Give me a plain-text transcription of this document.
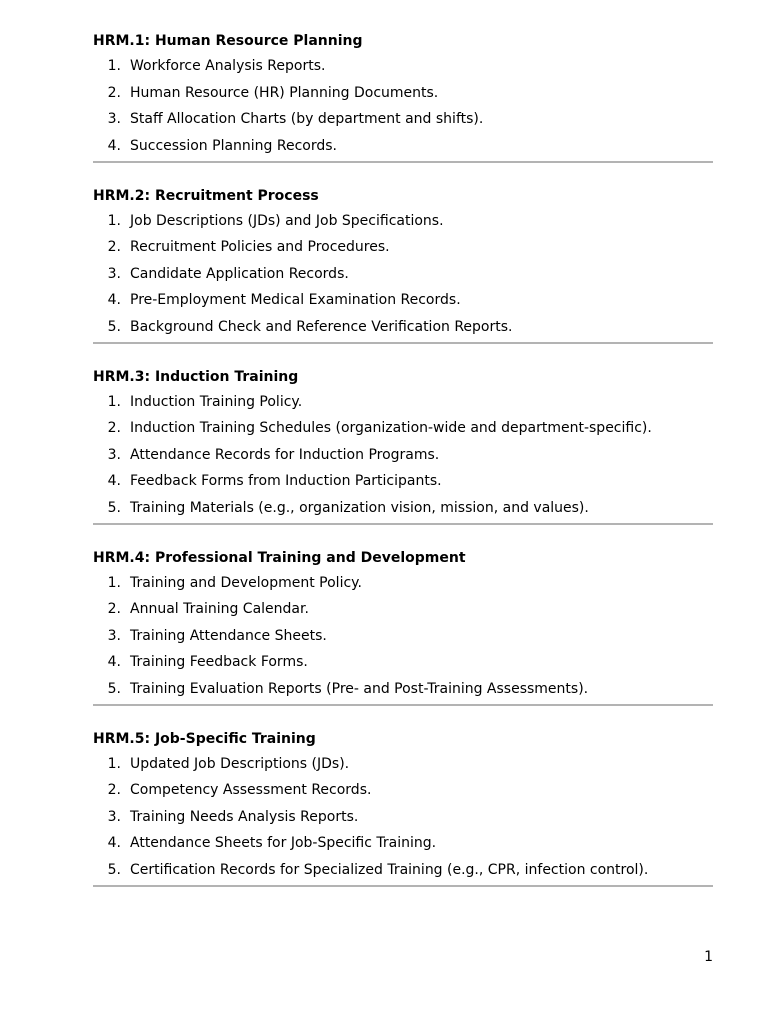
HRM.1: Human Resource Planning
1. Workforce Analysis Reports.
2. Human Resource (HR) Planning Documents.
3. Staff Allocation Charts (by department and shifts).
4. Succession Planning Records.
HRM.2: Recruitment Process
1. Job Descriptions (JDs) and Job Specifications.
2. Recruitment Policies and Procedures.
3. Candidate Application Records.
4. Pre-Employment Medical Examination Records.
5. Background Check and Reference Verification Reports.
HRM.3: Induction Training
1. Induction Training Policy.
2. Induction Training Schedules (organization-wide and department-specific).
3. Attendance Records for Induction Programs.
4. Feedback Forms from Induction Participants.
5. Training Materials (e.g., organization vision, mission, and values).
HRM.4: Professional Training and Development
1. Training and Development Policy.
2. Annual Training Calendar.
3. Training Attendance Sheets.
4. Training Feedback Forms.
5. Training Evaluation Reports (Pre- and Post-Training Assessments).
HRM.5: Job-Specific Training
1. Updated Job Descriptions (JDs).
2. Competency Assessment Records.
3. Training Needs Analysis Reports.
4. Attendance Sheets for Job-Specific Training.
5. Certification Records for Specialized Training (e.g., CPR, infection control).
1
